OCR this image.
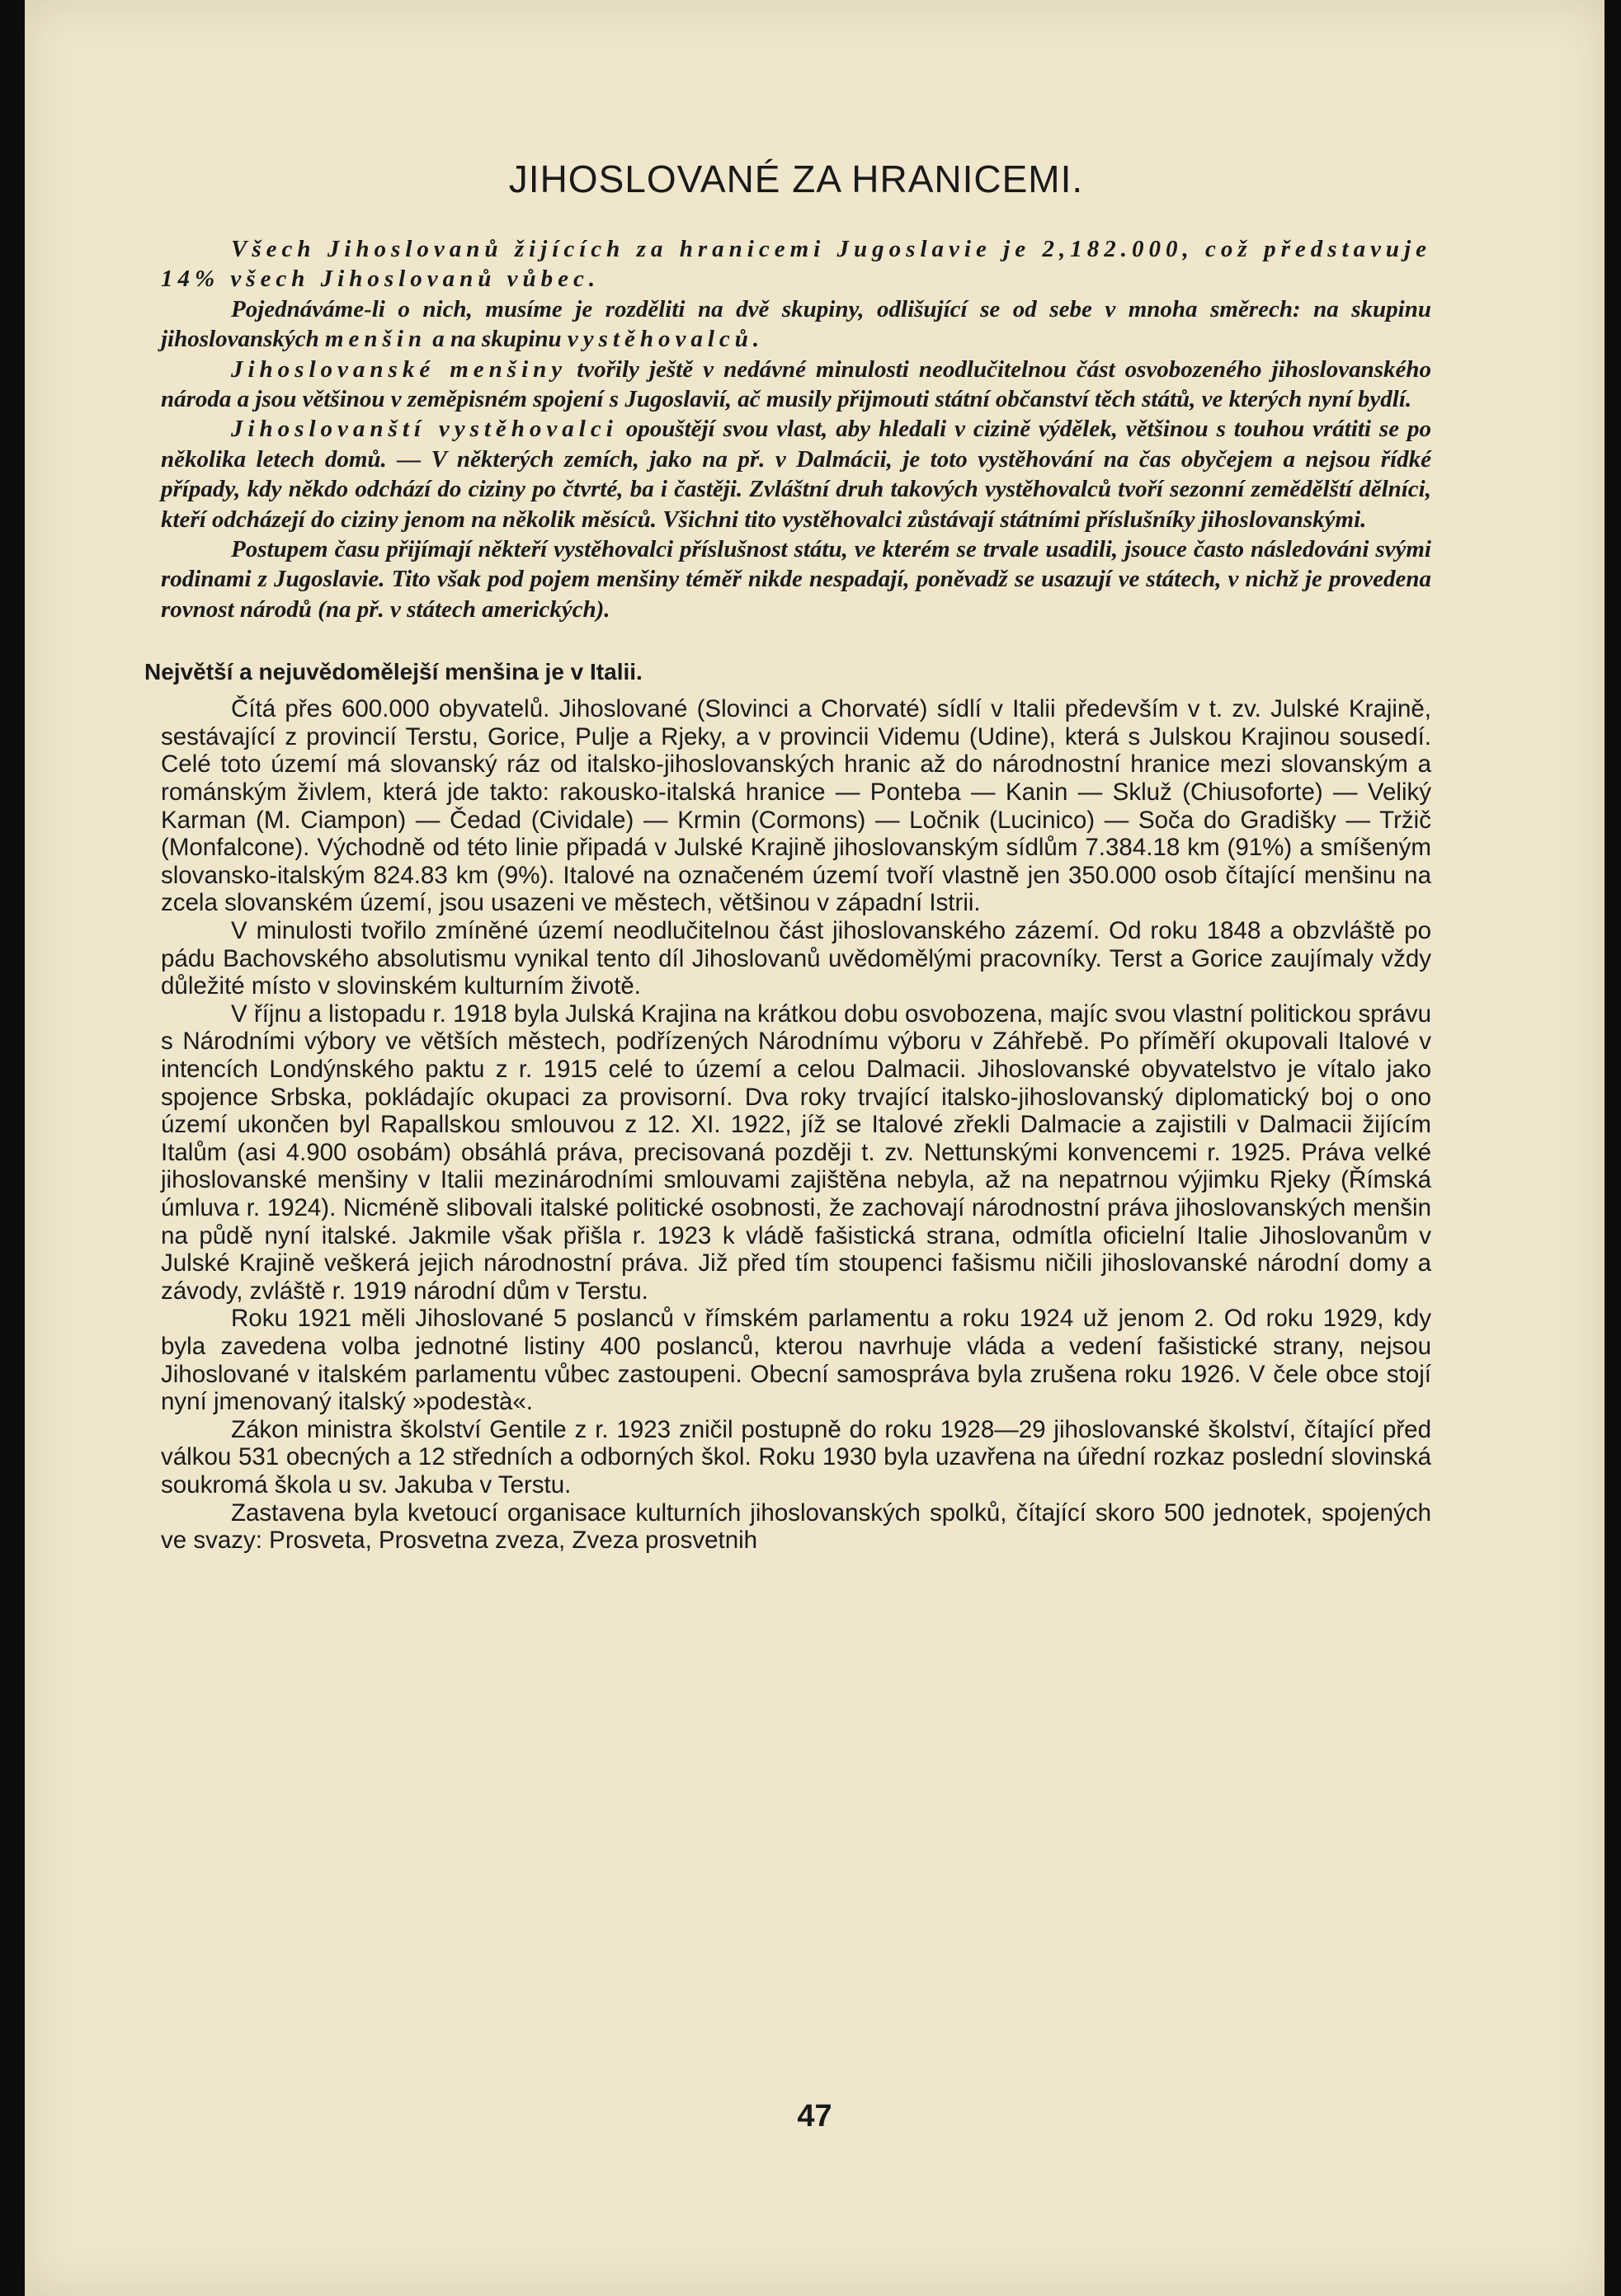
JIHOSLOVANÉ ZA HRANICEMI.

Všech Jihoslovanů žijících za hranicemi Jugoslavie je 2,182.000, což představuje 14% všech Jihoslovanů vůbec.

Pojednáváme-li o nich, musíme je rozděliti na dvě skupiny, odlišující se od sebe v mnoha směrech: na skupinu jihoslovanských menšin a na skupinu vystěhovalců.

Jihoslovanské menšiny tvořily ještě v nedávné minulosti neodlučitelnou část osvobozeného jihoslovanského národa a jsou většinou v zeměpisném spojení s Jugoslavií, ač musily přijmouti státní občanství těch států, ve kterých nyní bydlí.

Jihoslovanští vystěhovalci opouštějí svou vlast, aby hledali v cizině výdělek, většinou s touhou vrátiti se po několika letech domů. — V některých zemích, jako na př. v Dalmácii, je toto vystěhování na čas obyčejem a nejsou řídké případy, kdy někdo odchází do ciziny po čtvrté, ba i častěji. Zvláštní druh takových vystěhovalců tvoří sezonní zemědělští dělníci, kteří odcházejí do ciziny jenom na několik měsíců. Všichni tito vystěhovalci zůstávají státními příslušníky jihoslovanskými.

Postupem času přijímají někteří vystěhovalci příslušnost státu, ve kterém se trvale usadili, jsouce často následováni svými rodinami z Jugoslavie. Tito však pod pojem menšiny téměř nikde nespadají, poněvadž se usazují ve státech, v nichž je provedena rovnost národů (na př. v státech amerických).

Největší a nejuvědomělejší menšina je v Italii.

Čítá přes 600.000 obyvatelů. Jihoslované (Slovinci a Chorvaté) sídlí v Italii především v t. zv. Julské Krajině, sestávající z provincií Terstu, Gorice, Pulje a Rjeky, a v provincii Videmu (Udine), která s Julskou Krajinou sousedí. Celé toto území má slovanský ráz od italsko-jihoslovanských hranic až do národnostní hranice mezi slovanským a románským živlem, která jde takto: rakousko-italská hranice — Ponteba — Kanin — Skluž (Chiusoforte) — Veliký Karman (M. Ciampon) — Čedad (Cividale) — Krmin (Cormons) — Ločnik (Lucinico) — Soča do Gradišky — Tržič (Monfalcone). Východně od této linie připadá v Julské Krajině jihoslovanským sídlům 7.384.18 km (91%) a smíšeným slovansko-italským 824.83 km (9%). Italové na označeném území tvoří vlastně jen 350.000 osob čítající menšinu na zcela slovanském území, jsou usazeni ve městech, většinou v západní Istrii.

V minulosti tvořilo zmíněné území neodlučitelnou část jihoslovanského zázemí. Od roku 1848 a obzvláště po pádu Bachovského absolutismu vynikal tento díl Jihoslovanů uvědomělými pracovníky. Terst a Gorice zaujímaly vždy důležité místo v slovinském kulturním životě.

V říjnu a listopadu r. 1918 byla Julská Krajina na krátkou dobu osvobozena, majíc svou vlastní politickou správu s Národními výbory ve větších městech, podřízených Národnímu výboru v Záhřebě. Po příměří okupovali Italové v intencích Londýnského paktu z r. 1915 celé to území a celou Dalmacii. Jihoslovanské obyvatelstvo je vítalo jako spojence Srbska, pokládajíc okupaci za provisorní. Dva roky trvající italsko-jihoslovanský diplomatický boj o ono území ukončen byl Rapallskou smlouvou z 12. XI. 1922, jíž se Italové zřekli Dalmacie a zajistili v Dalmacii žijícím Italům (asi 4.900 osobám) obsáhlá práva, precisovaná později t. zv. Nettunskými konvencemi r. 1925. Práva velké jihoslovanské menšiny v Italii mezinárodními smlouvami zajištěna nebyla, až na nepatrnou výjimku Rjeky (Římská úmluva r. 1924). Nicméně slibovali italské politické osobnosti, že zachovají národnostní práva jihoslovanských menšin na půdě nyní italské. Jakmile však přišla r. 1923 k vládě fašistická strana, odmítla oficielní Italie Jihoslovanům v Julské Krajině veškerá jejich národnostní práva. Již před tím stoupenci fašismu ničili jihoslovanské národní domy a závody, zvláště r. 1919 národní dům v Terstu.

Roku 1921 měli Jihoslované 5 poslanců v římském parlamentu a roku 1924 už jenom 2. Od roku 1929, kdy byla zavedena volba jednotné listiny 400 poslanců, kterou navrhuje vláda a vedení fašistické strany, nejsou Jihoslované v italském parlamentu vůbec zastoupeni. Obecní samospráva byla zrušena roku 1926. V čele obce stojí nyní jmenovaný italský »podestà«.

Zákon ministra školství Gentile z r. 1923 zničil postupně do roku 1928—29 jihoslovanské školství, čítající před válkou 531 obecných a 12 středních a odborných škol. Roku 1930 byla uzavřena na úřední rozkaz poslední slovinská soukromá škola u sv. Jakuba v Terstu.

Zastavena byla kvetoucí organisace kulturních jihoslovanských spolků, čítající skoro 500 jednotek, spojených ve svazy: Prosveta, Prosvetna zveza, Zveza prosvetnih

47
